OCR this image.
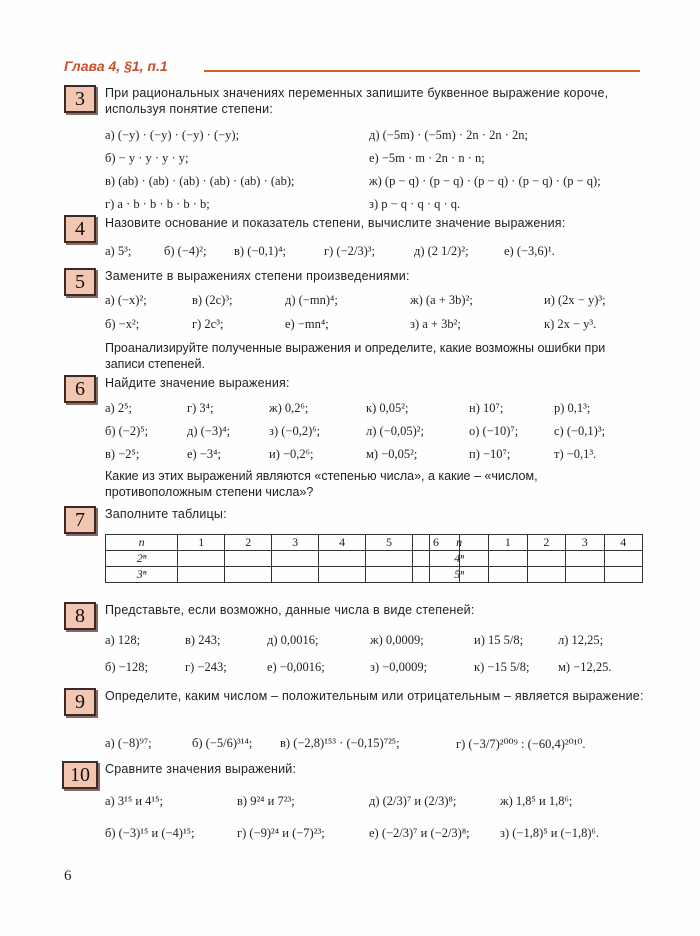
Глава 4, §1, п.1
3	При рациональных значениях переменных запишите буквенное выражение короче, используя понятие степени:
а) (−y) · (−y) · (−y) · (−y);	д) (−5m) · (−5m) · 2n · 2n · 2n;
б) − y · y · y · y;	е) −5m · m · 2n · n · n;
в) (ab) · (ab) · (ab) · (ab) · (ab) · (ab);	ж) (p − q) · (p − q) · (p − q) · (p − q) · (p − q);
г) a · b · b · b · b · b;	з) p − q · q · q · q.
4	Назовите основание и показатель степени, вычислите значение выражения:
а) 5³;	б) (−4)²; в) (−0,1)⁴;	г) (−2/3)³;	д) (2 1/2)²;	е) (−3,6)¹.
5	Замените в выражениях степени произведениями:
а) (−x)²;	в) (2c)³;	д) (−mn)⁴;	ж) (a + 3b)²;	и) (2x − y)³;
б) −x²;	г) 2c³;	е) −mn⁴;	з) a + 3b²;	к) 2x − y³.
Проанализируйте полученные выражения и определите, какие возможны ошибки при записи степеней.
6	Найдите значение выражения:
а) 2⁵;	г) 3⁴;	ж) 0,2⁶;	к) 0,05²;	н) 10⁷;	р) 0,1³;
б) (−2)⁵;	д) (−3)⁴;	з) (−0,2)⁶;	л) (−0,05)²;	о) (−10)⁷;	с) (−0,1)³;
в) −2⁵;	е) −3⁴;	и) −0,2⁶;	м) −0,05²;	п) −10⁷;	т) −0,1³.
Какие из этих выражений являются «степенью числа», а какие – «числом, противоположным степени числа»?
7	Заполните таблицы:
n	1	2	3	4	5	6
2ⁿ						
3ⁿ						
n	1	2	3	4
4ⁿ				
5ⁿ				
8	Представьте, если возможно, данные числа в виде степеней:
а) 128;	в) 243;	д) 0,0016;	ж) 0,0009;	и) 15 5/8;	л) 12,25;
б) −128;	г) −243;	е) −0,0016;	з) −0,0009;	к) −15 5/8; м) −12,25.
9	Определите, каким числом – положительным или отрицательным – является выражение:
а) (−8)⁹⁷;	б) (−5/6)³¹⁴; в) (−2,8)¹⁵³ · (−0,15)⁷²⁵;	г) (−3/7)²⁰⁰⁹ : (−60,4)²⁰¹⁰.
10	Сравните значения выражений:
а) 3¹⁵ и 4¹⁵;	в) 9²⁴ и 7²³;	д) (2/3)⁷ и (2/3)⁸;	ж) 1,8⁵ и 1,8⁶;
б) (−3)¹⁵ и (−4)¹⁵;	г) (−9)²⁴ и (−7)²³;	е) (−2/3)⁷ и (−2/3)⁸; з) (−1,8)⁵ и (−1,8)⁶.
6
